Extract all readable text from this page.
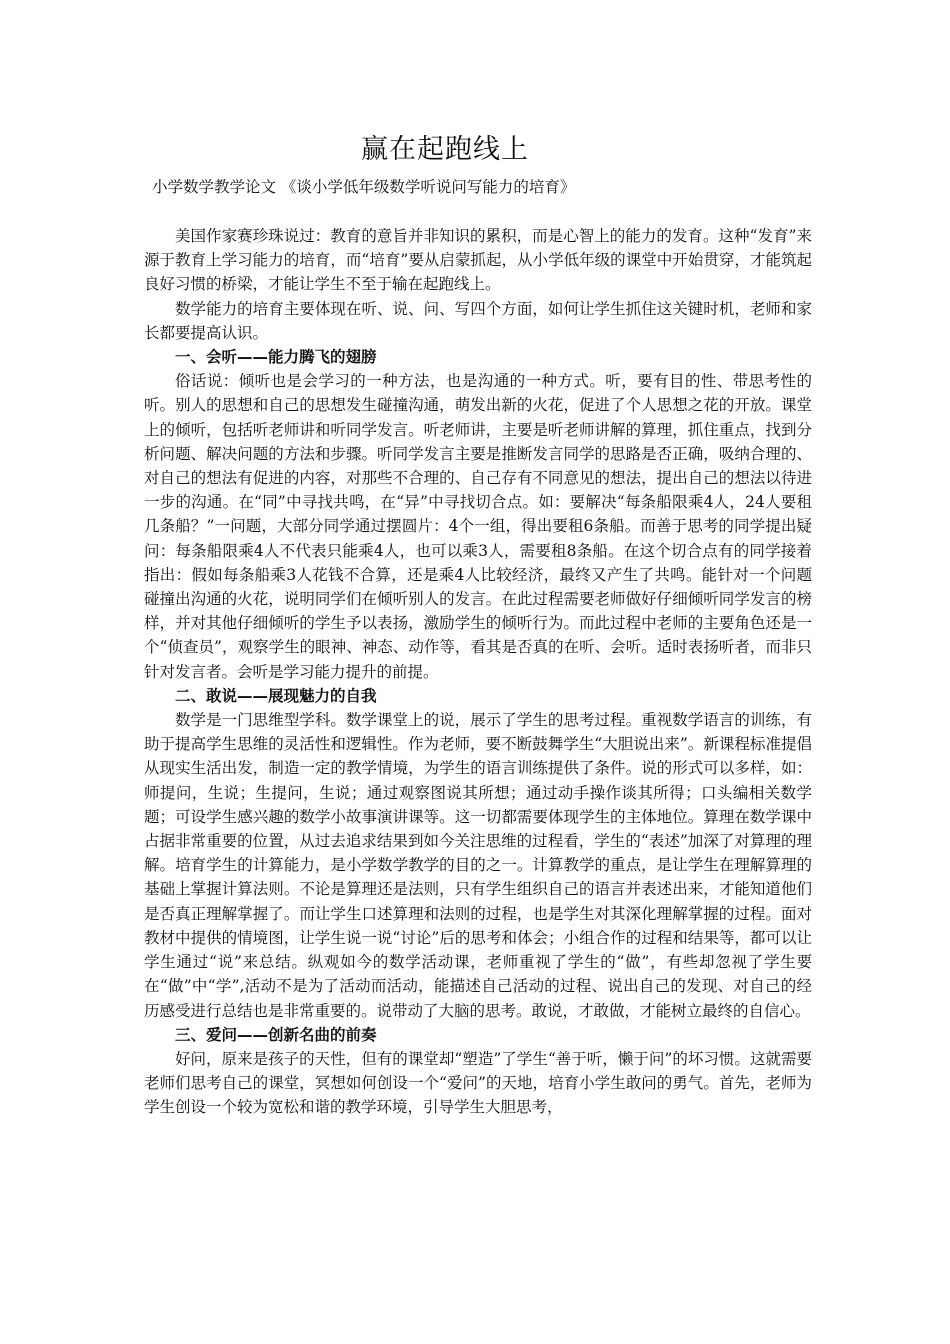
赢在起跑线上
小学数学教学论文 《谈小学低年级数学听说问写能力的培育》

美国作家赛珍珠说过：教育的意旨并非知识的累积，而是心智上的能力的发育。这种“发育”来源于教育上学习能力的培育，而“培育”要从启蒙抓起，从小学低年级的课堂中开始贯穿，才能筑起良好习惯的桥梁，才能让学生不至于输在起跑线上。

数学能力的培育主要体现在听、说、问、写四个方面，如何让学生抓住这关键时机，老师和家长都要提高认识。

一、会听——能力腾飞的翅膀

俗话说：倾听也是会学习的一种方法，也是沟通的一种方式。听，要有目的性、带思考性的听。别人的思想和自己的思想发生碰撞沟通，萌发出新的火花，促进了个人思想之花的开放。课堂上的倾听，包括听老师讲和听同学发言。听老师讲，主要是听老师讲解的算理，抓住重点，找到分析问题、解决问题的方法和步骤。听同学发言主要是推断发言同学的思路是否正确，吸纳合理的、对自己的想法有促进的内容，对那些不合理的、自己存有不同意见的想法，提出自己的想法以待进一步的沟通。在“同”中寻找共鸣，在“异”中寻找切合点。如：要解决“每条船限乘4人，24人要租几条船？”一问题，大部分同学通过摆圆片：4个一组，得出要租6条船。而善于思考的同学提出疑问：每条船限乘4人不代表只能乘4人，也可以乘3人，需要租8条船。在这个切合点有的同学接着指出：假如每条船乘3人花钱不合算，还是乘4人比较经济，最终又产生了共鸣。能针对一个问题碰撞出沟通的火花，说明同学们在倾听别人的发言。在此过程需要老师做好仔细倾听同学发言的榜样，并对其他仔细倾听的学生予以表扬，激励学生的倾听行为。而此过程中老师的主要角色还是一个“侦查员”，观察学生的眼神、神态、动作等，看其是否真的在听、会听。适时表扬听者，而非只针对发言者。会听是学习能力提升的前提。

二、敢说——展现魅力的自我

数学是一门思维型学科。数学课堂上的说，展示了学生的思考过程。重视数学语言的训练，有助于提高学生思维的灵活性和逻辑性。作为老师，要不断鼓舞学生“大胆说出来”。新课程标准提倡从现实生活出发，制造一定的教学情境，为学生的语言训练提供了条件。说的形式可以多样，如：师提问，生说；生提问，生说；通过观察图说其所想；通过动手操作谈其所得；口头编相关数学题；可设学生感兴趣的数学小故事演讲课等。这一切都需要体现学生的主体地位。算理在数学课中占据非常重要的位置，从过去追求结果到如今关注思维的过程看，学生的“表述”加深了对算理的理解。培育学生的计算能力，是小学数学教学的目的之一。计算教学的重点，是让学生在理解算理的基础上掌握计算法则。不论是算理还是法则，只有学生组织自己的语言并表述出来，才能知道他们是否真正理解掌握了。而让学生口述算理和法则的过程，也是学生对其深化理解掌握的过程。面对教材中提供的情境图，让学生说一说“讨论”后的思考和体会；小组合作的过程和结果等，都可以让学生通过“说”来总结。纵观如今的数学活动课，老师重视了学生的“做”，有些却忽视了学生要在“做”中“学”,活动不是为了活动而活动，能描述自己活动的过程、说出自己的发现、对自己的经历感受进行总结也是非常重要的。说带动了大脑的思考。敢说，才敢做，才能树立最终的自信心。

三、爱问——创新名曲的前奏

好问，原来是孩子的天性，但有的课堂却“塑造”了学生“善于听，懒于问”的坏习惯。这就需要老师们思考自己的课堂，冥想如何创设一个“爱问”的天地，培育小学生敢问的勇气。首先，老师为学生创设一个较为宽松和谐的教学环境，引导学生大胆思考，
